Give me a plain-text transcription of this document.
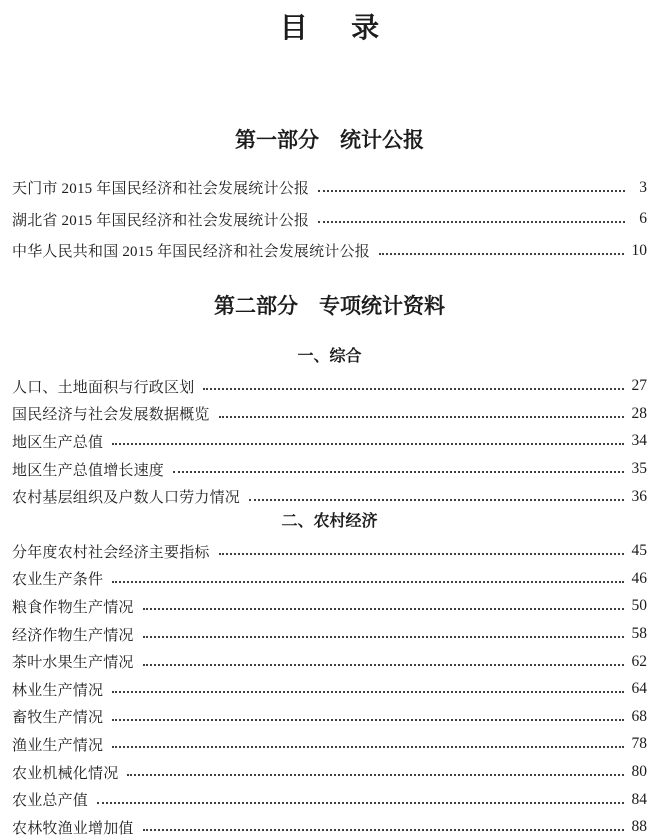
目录
第一部分　统计公报
天门市 2015 年国民经济和社会发展统计公报	3
湖北省 2015 年国民经济和社会发展统计公报	6
中华人民共和国 2015 年国民经济和社会发展统计公报	10
第二部分　专项统计资料
一、综合
人口、土地面积与行政区划	27
国民经济与社会发展数据概览	28
地区生产总值	34
地区生产总值增长速度	35
农村基层组织及户数人口劳力情况	36
二、农村经济
分年度农村社会经济主要指标	45
农业生产条件	46
粮食作物生产情况	50
经济作物生产情况	58
茶叶水果生产情况	62
林业生产情况	64
畜牧生产情况	68
渔业生产情况	78
农业机械化情况	80
农业总产值	84
农林牧渔业增加值	88
